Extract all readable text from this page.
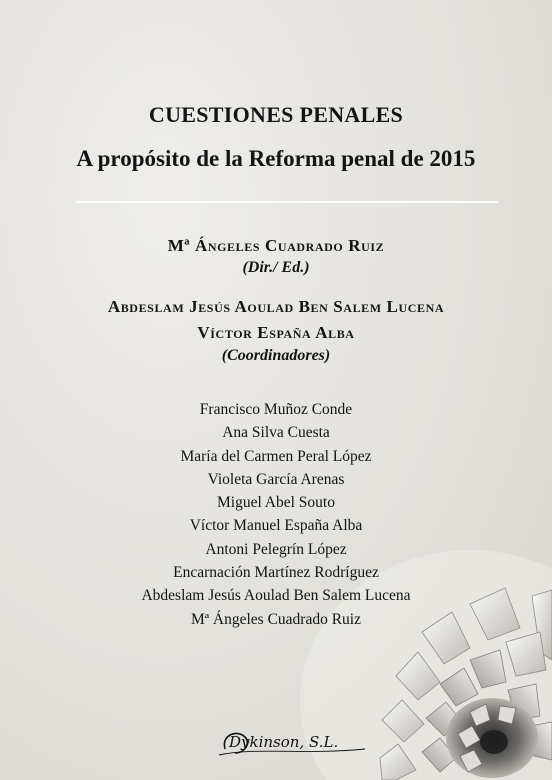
CUESTIONES PENALES
A propósito de la Reforma penal de 2015
Mª Ángeles Cuadrado Ruiz
(Dir./ Ed.)
Abdeslam Jesús Aoulad Ben Salem Lucena
Víctor España Alba
(Coordinadores)
Francisco Muñoz Conde
Ana Silva Cuesta
María del Carmen Peral López
Violeta García Arenas
Miguel Abel Souto
Víctor Manuel España Alba
Antoni Pelegrín López
Encarnación Martínez Rodríguez
Abdeslam Jesús Aoulad Ben Salem Lucena
Mª Ángeles Cuadrado Ruiz
Dykinson, S.L.
